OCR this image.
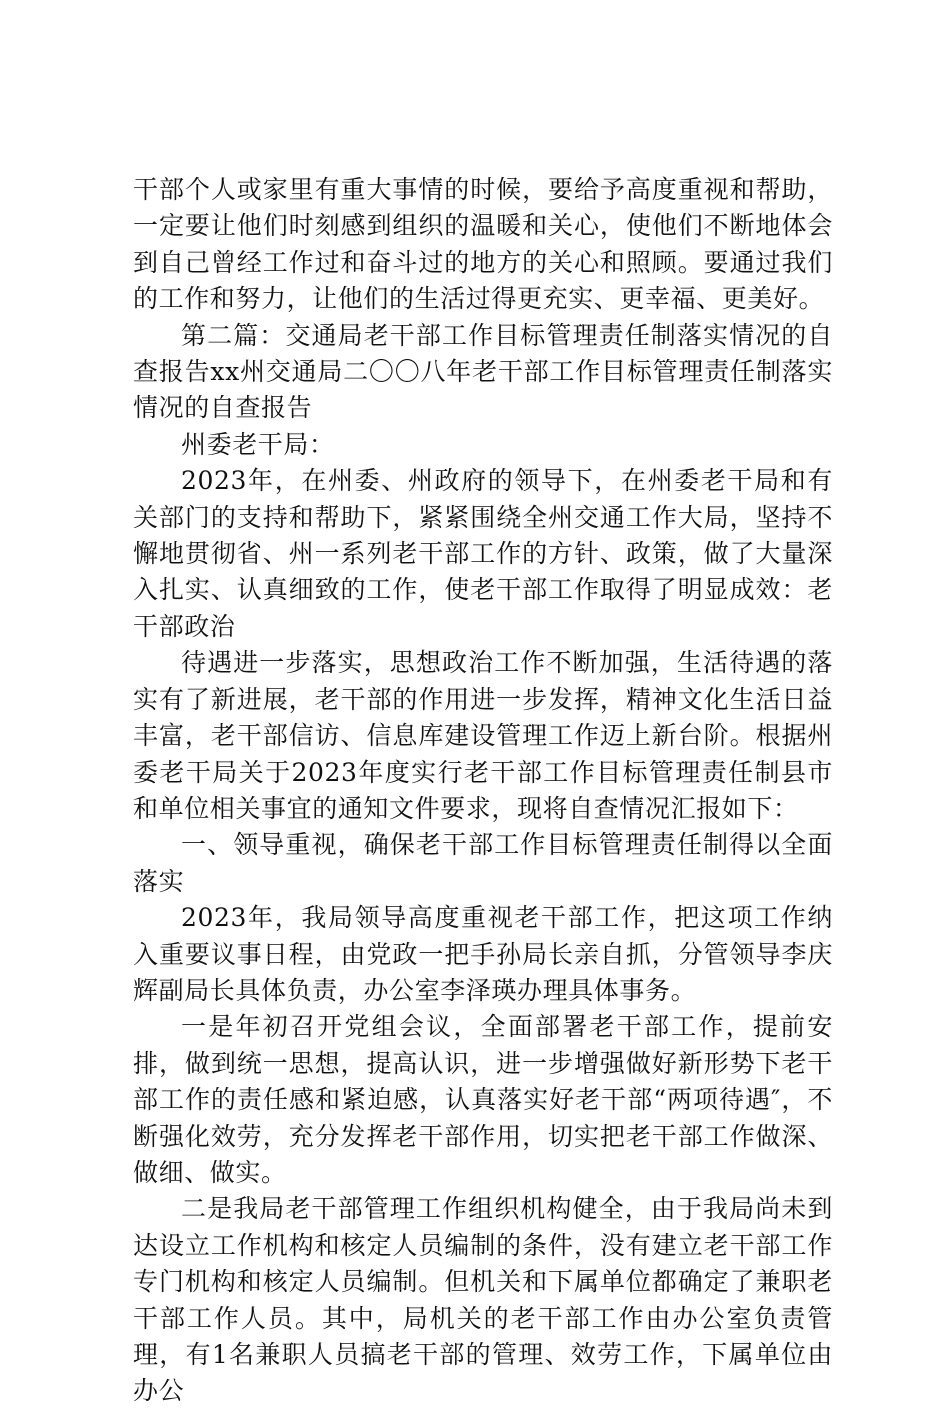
干部个人或家里有重大事情的时候，要给予高度重视和帮助，一定要让他们时刻感到组织的温暖和关心，使他们不断地体会到自己曾经工作过和奋斗过的地方的关心和照顾。要通过我们的工作和努力，让他们的生活过得更充实、更幸福、更美好。

第二篇：交通局老干部工作目标管理责任制落实情况的自查报告xx州交通局二〇〇八年老干部工作目标管理责任制落实情况的自查报告

州委老干局：

2023年，在州委、州政府的领导下，在州委老干局和有关部门的支持和帮助下，紧紧围绕全州交通工作大局，坚持不懈地贯彻省、州一系列老干部工作的方针、政策，做了大量深入扎实、认真细致的工作，使老干部工作取得了明显成效：老干部政治

待遇进一步落实，思想政治工作不断加强，生活待遇的落实有了新进展，老干部的作用进一步发挥，精神文化生活日益丰富，老干部信访、信息库建设管理工作迈上新台阶。根据州委老干局关于2023年度实行老干部工作目标管理责任制县市和单位相关事宜的通知文件要求，现将自查情况汇报如下：

一、领导重视，确保老干部工作目标管理责任制得以全面落实

2023年，我局领导高度重视老干部工作，把这项工作纳入重要议事日程，由党政一把手孙局长亲自抓，分管领导李庆辉副局长具体负责，办公室李泽瑛办理具体事务。

一是年初召开党组会议，全面部署老干部工作，提前安排，做到统一思想，提高认识，进一步增强做好新形势下老干部工作的责任感和紧迫感，认真落实好老干部“两项待遇″，不断强化效劳，充分发挥老干部作用，切实把老干部工作做深、做细、做实。

二是我局老干部管理工作组织机构健全，由于我局尚未到达设立工作机构和核定人员编制的条件，没有建立老干部工作专门机构和核定人员编制。但机关和下属单位都确定了兼职老干部工作人员。其中，局机关的老干部工作由办公室负责管理，有1名兼职人员搞老干部的管理、效劳工作，下属单位由办公
